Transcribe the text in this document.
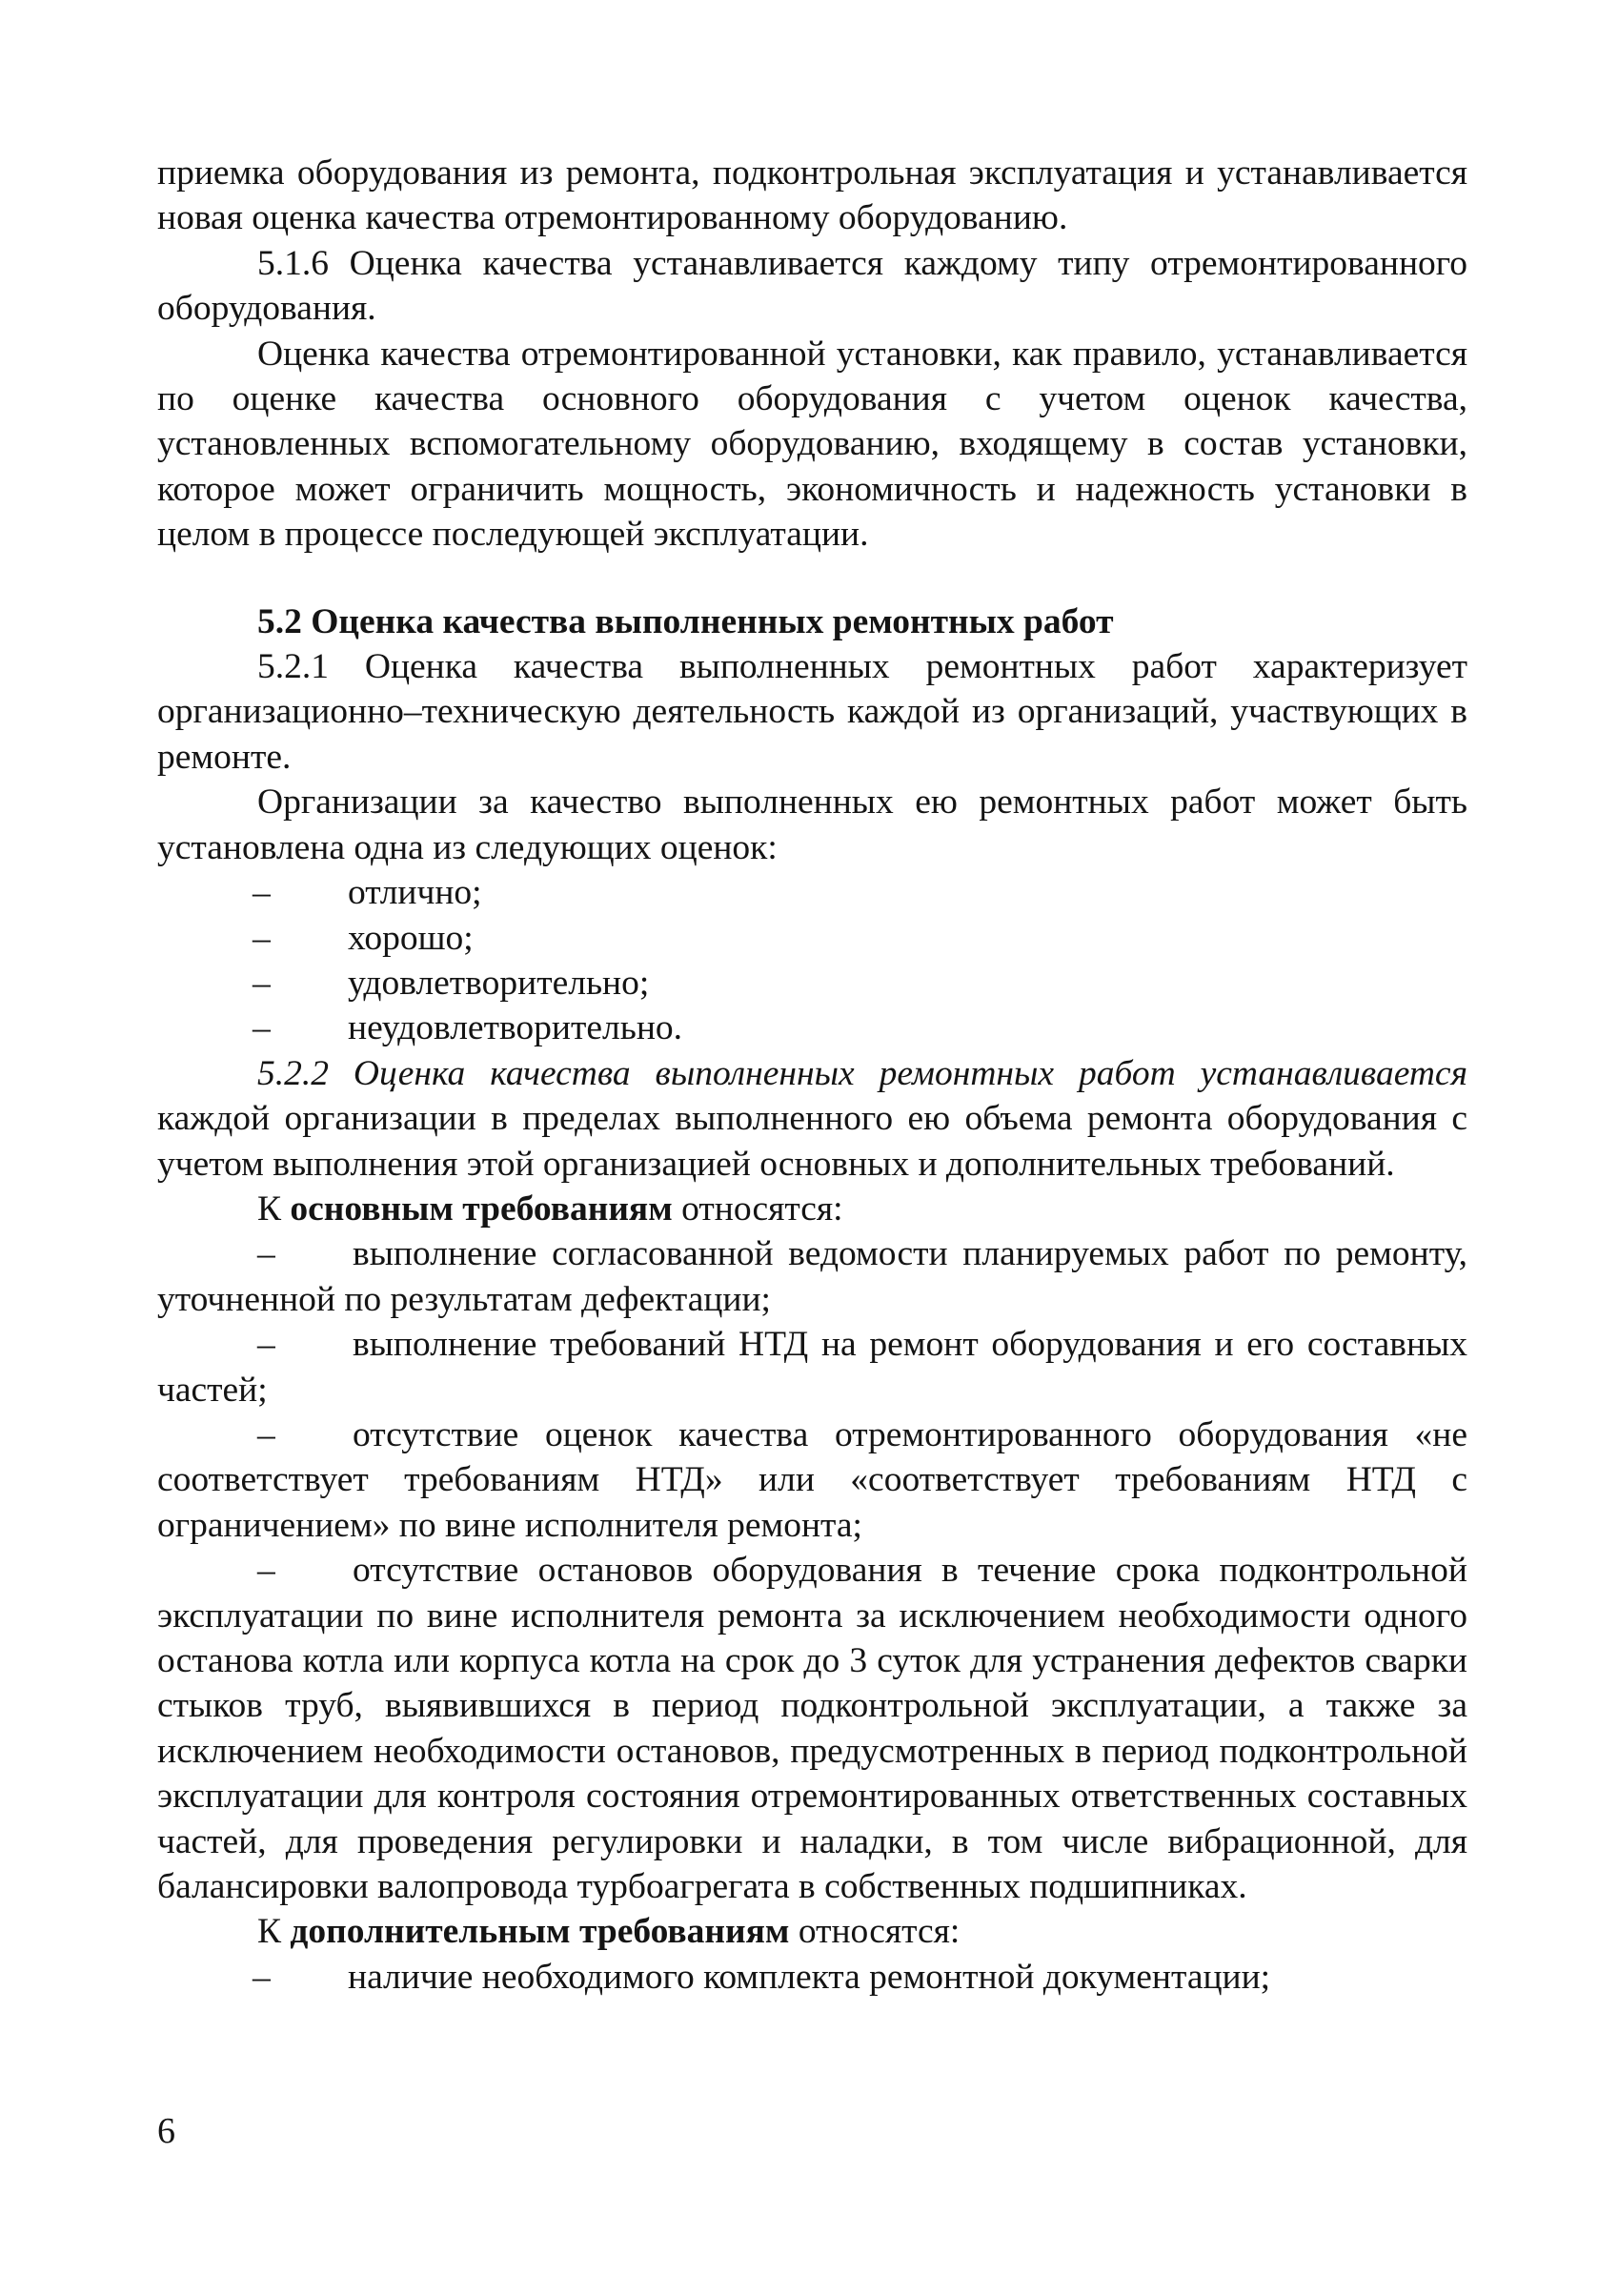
приемка оборудования из ремонта, подконтрольная эксплуатация и устанавливается новая оценка качества отремонтированному оборудованию.

5.1.6 Оценка качества устанавливается каждому типу отремонтированного оборудования.

Оценка качества отремонтированной установки, как правило, устанавливается по оценке качества основного оборудования с учетом оценок качества, установленных вспомогательному оборудованию, входящему в состав установки, которое может ограничить мощность, экономичность и надежность установки в целом в процессе последующей эксплуатации.

5.2 Оценка качества выполненных ремонтных работ

5.2.1 Оценка качества выполненных ремонтных работ характеризует организационно–техническую деятельность каждой из организаций, участвующих в ремонте.

Организации за качество выполненных ею ремонтных работ может быть установлена одна из следующих оценок:

–	отлично;

–	хорошо;

–	удовлетворительно;

–	неудовлетворительно.

5.2.2 Оценка качества выполненных ремонтных работ устанавливается каждой организации в пределах выполненного ею объема ремонта оборудования с учетом выполнения этой организацией основных и дополнительных требований.

К основным требованиям относятся:

– выполнение согласованной ведомости планируемых работ по ремонту, уточненной по результатам дефектации;

– выполнение требований НТД на ремонт оборудования и его составных частей;

– отсутствие оценок качества отремонтированного оборудования «не соответствует требованиям НТД» или «соответствует требованиям НТД с ограничением» по вине исполнителя ремонта;

– отсутствие остановов оборудования в течение срока подконтрольной эксплуатации по вине исполнителя ремонта за исключением необходимости одного останова котла или корпуса котла на срок до 3 суток для устранения дефектов сварки стыков труб, выявившихся в период подконтрольной эксплуатации, а также за исключением необходимости остановов, предусмотренных в период подконтрольной эксплуатации для контроля состояния отремонтированных ответственных составных частей, для проведения регулировки и наладки, в том числе вибрационной, для балансировки валопровода турбоагрегата в собственных подшипниках.

К дополнительным требованиям относятся:

–	наличие необходимого комплекта ремонтной документации;

6
